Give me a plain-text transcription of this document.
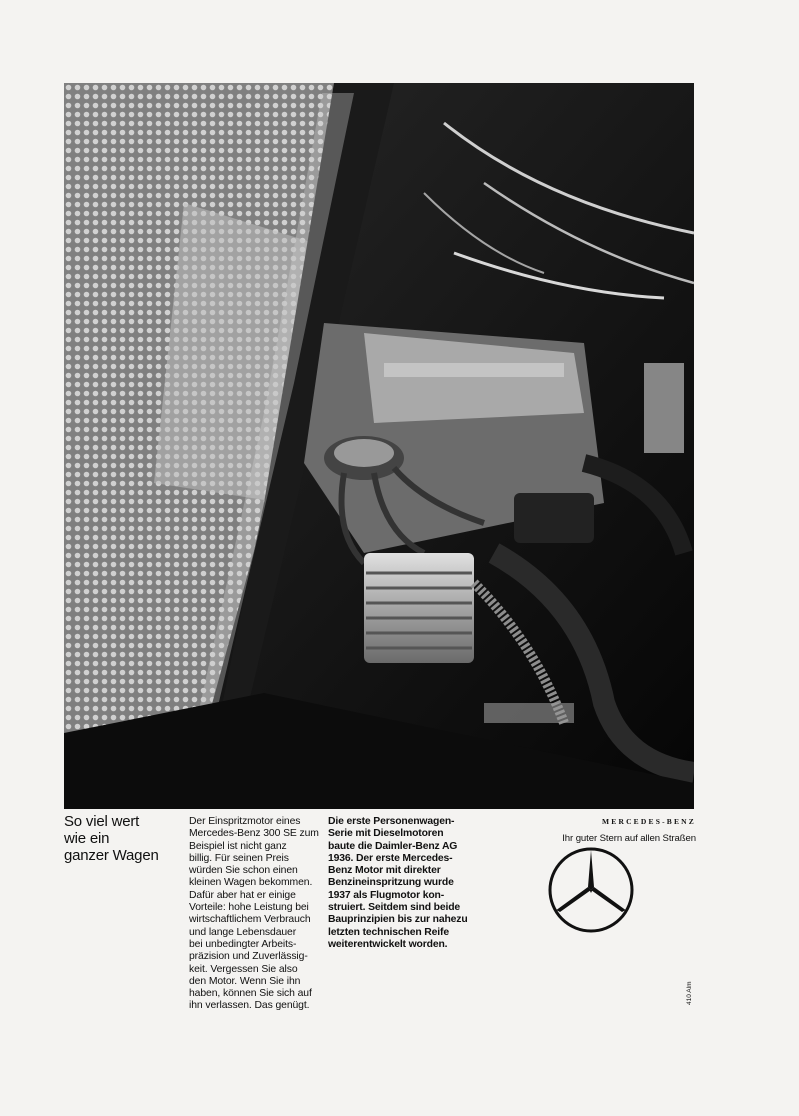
So viel wert
wie ein
ganzer Wagen
Der Einspritzmotor eines
Mercedes-Benz 300 SE zum
Beispiel ist nicht ganz
billig. Für seinen Preis
würden Sie schon einen
kleinen Wagen bekommen.
Dafür aber hat er einige
Vorteile: hohe Leistung bei
wirtschaftlichem Verbrauch
und lange Lebensdauer
bei unbedingter Arbeits-
präzision und Zuverlässig-
keit. Vergessen Sie also
den Motor. Wenn Sie ihn
haben, können Sie sich auf
ihn verlassen. Das genügt.
Die erste Personenwagen-
Serie mit Dieselmotoren
baute die Daimler-Benz AG
1936. Der erste Mercedes-
Benz Motor mit direkter
Benzineinspritzung wurde
1937 als Flugmotor kon-
struiert. Seitdem sind beide
Bauprinzipien bis zur nahezu
letzten technischen Reife
weiterentwickelt worden.
MERCEDES-BENZ
Ihr guter Stern auf allen Straßen
410 Alm
